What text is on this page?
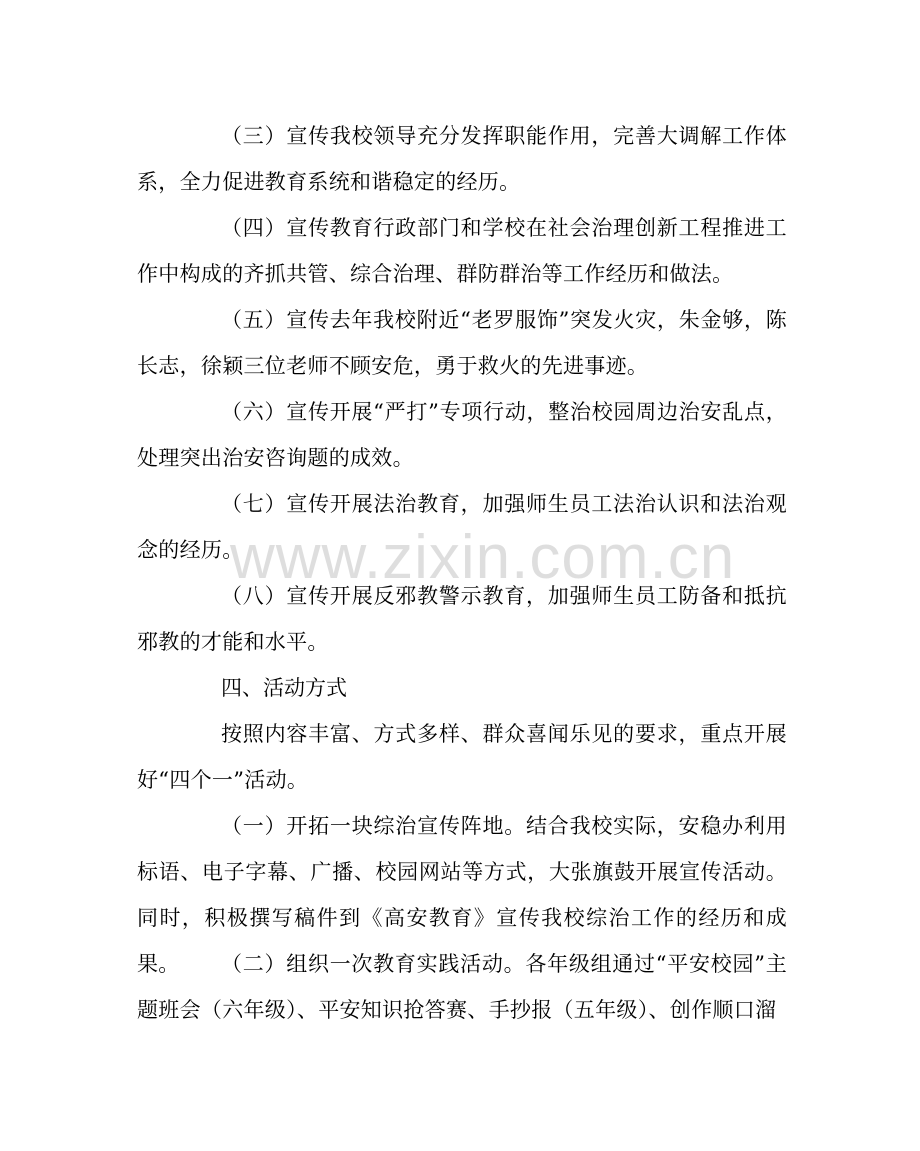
（三）宣传我校领导充分发挥职能作用，完善大调解工作体系，全力促进教育系统和谐稳定的经历。

（四）宣传教育行政部门和学校在社会治理创新工程推进工作中构成的齐抓共管、综合治理、群防群治等工作经历和做法。

（五）宣传去年我校附近“老罗服饰”突发火灾，朱金够，陈长志，徐颖三位老师不顾安危，勇于救火的先进事迹。

（六）宣传开展“严打”专项行动，整治校园周边治安乱点，处理突出治安咨询题的成效。

（七）宣传开展法治教育，加强师生员工法治认识和法治观念的经历。

（八）宣传开展反邪教警示教育，加强师生员工防备和抵抗邪教的才能和水平。

四、活动方式

按照内容丰富、方式多样、群众喜闻乐见的要求，重点开展好“四个一”活动。

（一）开拓一块综治宣传阵地。结合我校实际，安稳办利用标语、电子字幕、广播、校园网站等方式，大张旗鼓开展宣传活动。同时，积极撰写稿件到《高安教育》宣传我校综治工作的经历和成果。	（二）组织一次教育实践活动。各年级组通过“平安校园”主题班会（六年级）、平安知识抢答赛、手抄报（五年级）、创作顺口溜

www.zixin.com.cn
